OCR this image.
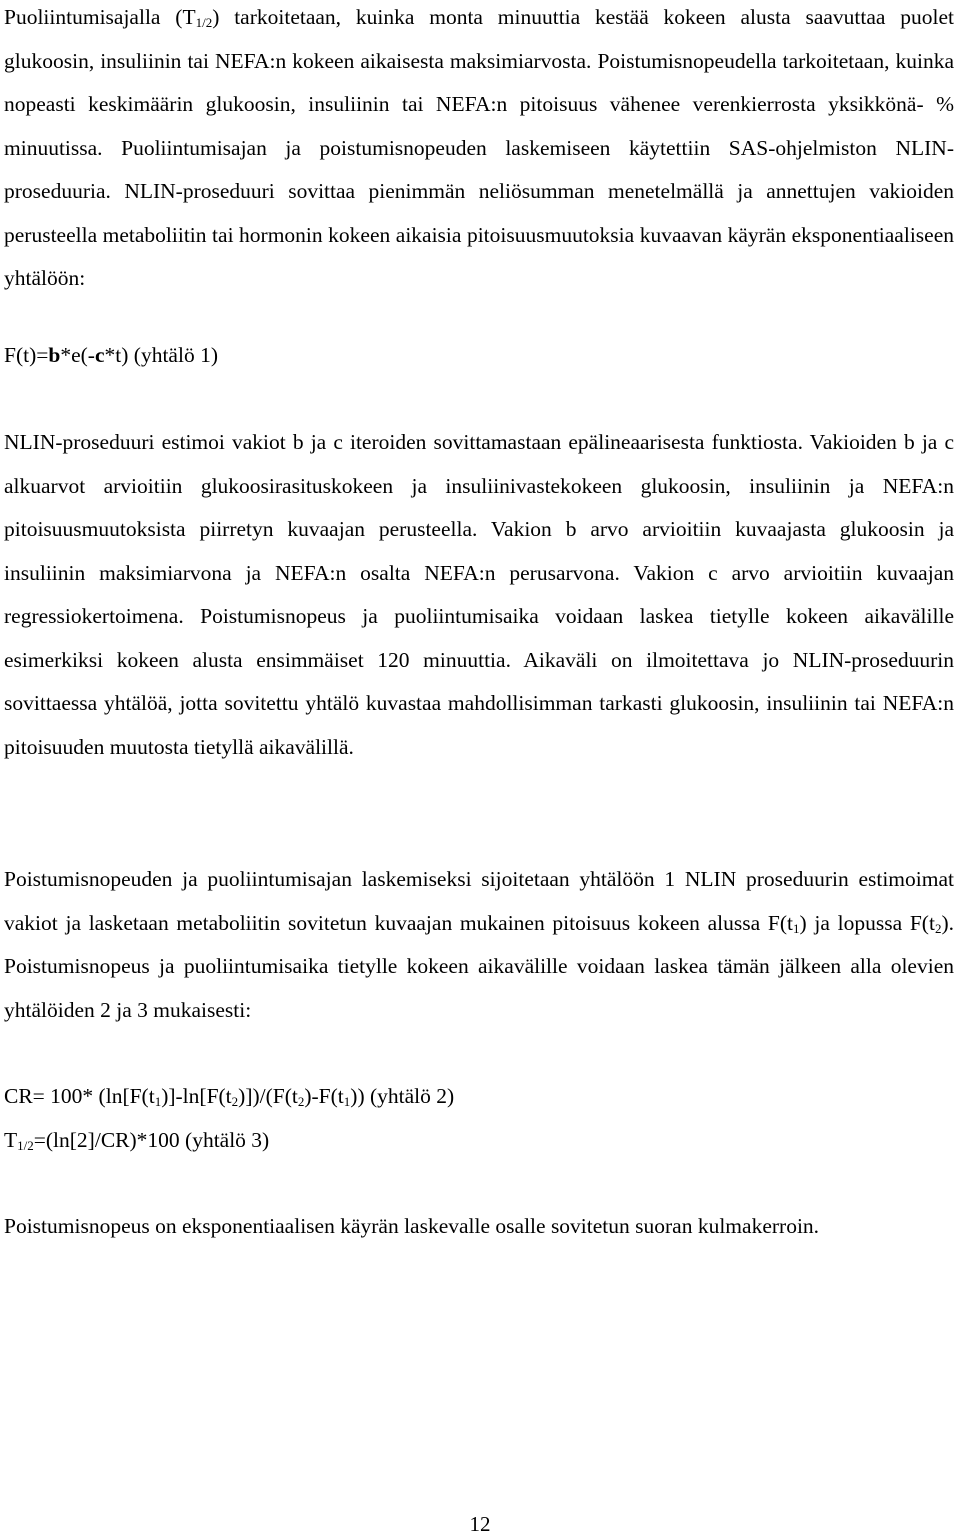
Puoliintumisajalla $(T_{1/2})$ tarkoitetaan, kuinka monta minuuttia kestää kokeen alusta saavuttaa puolet glukoosin, insuliinin tai NEFA:n kokeen aikaisesta maksimiarvosta. Poistumisnopeudella tarkoitetaan, kuinka nopeasti keskimäärin glukoosin, insuliinin tai NEFA:n pitoisuus vähenee verenkierrosta yksikkönä- % minuutissa. Puoliintumisajan ja poistumisnopeuden laskemiseen käytettiin SAS-ohjelmiston NLIN-proseduuria. NLIN-proseduuri sovittaa pienimmän neliösumman menetelmällä ja annettujen vakioiden perusteella metaboliitin tai hormonin kokeen aikaisia pitoisuusmuutoksia kuvaavan käyrän eksponentiaaliseen yhtälöön:

F(t)=b*e(-c*t) (yhtälö 1)

NLIN-proseduuri estimoi vakiot b ja c iteroiden sovittamastaan epälineaarisesta funktiosta. Vakioiden b ja c alkuarvot arvioitiin glukoosirasituskokeen ja insuliinivastekokeen glukoosin, insuliinin ja NEFA:n pitoisuusmuutoksista piirretyn kuvaajan perusteella. Vakion b arvo arvioitiin kuvaajasta glukoosin ja insuliinin maksimiarvona ja NEFA:n osalta NEFA:n perusarvona. Vakion c arvo arvioitiin kuvaajan regressiokertoimena. Poistumisnopeus ja puoliintumisaika voidaan laskea tietylle kokeen aikavälille esimerkiksi kokeen alusta ensimmäiset 120 minuuttia. Aikaväli on ilmoitettava jo NLIN-proseduurin sovittaessa yhtälöä, jotta sovitettu yhtälö kuvastaa mahdollisimman tarkasti glukoosin, insuliinin tai NEFA:n pitoisuuden muutosta tietyllä aikavälillä.

Poistumisnopeuden ja puoliintumisajan laskemiseksi sijoitetaan yhtälöön 1 NLIN proseduurin estimoimat vakiot ja lasketaan metaboliitin sovitetun kuvaajan mukainen pitoisuus kokeen alussa $F(t_1)$ ja lopussa $F(t_2)$. Poistumisnopeus ja puoliintumisaika tietylle kokeen aikavälille voidaan laskea tämän jälkeen alla olevien yhtälöiden 2 ja 3 mukaisesti:

CR= 100* $(\ln[F(t_1)]-\ln[F(t_2)])/(F(t_2)-F(t_1))$ (yhtälö 2)

$T_{1/2}=(\ln[2]/CR)*100$ (yhtälö 3)

Poistumisnopeus on eksponentiaalisen käyrän laskevalle osalle sovitetun suoran kulmakerroin.

12
